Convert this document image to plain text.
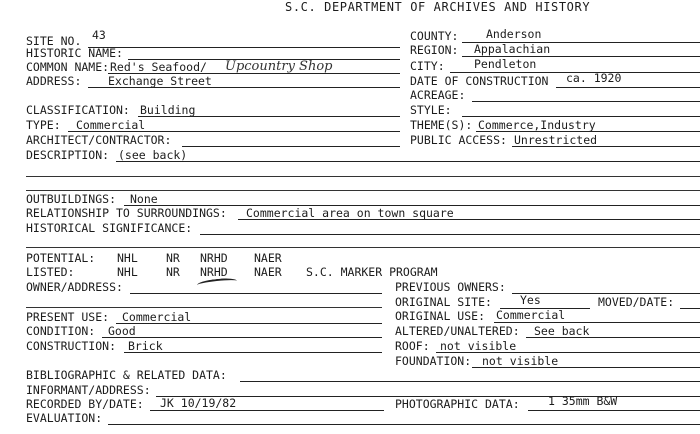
S.C. DEPARTMENT OF ARCHIVES AND HISTORY
SITE NO. 43
HISTORIC NAME:
COMMON NAME: Red's Seafood/ Upcountry Shop
ADDRESS: Exchange Street
CLASSIFICATION: Building
TYPE: Commercial
ARCHITECT/CONTRACTOR:
DESCRIPTION: (see back)
COUNTY: Anderson
REGION: Appalachian
CITY:	Pendleton
DATE OF CONSTRUCTION ca. 1920
ACREAGE:
STYLE:
THEME(S): Commerce,Industry
PUBLIC ACCESS: Unrestricted
OUTBUILDINGS: None
RELATIONSHIP TO SURROUNDINGS: Commercial area on town square
HISTORICAL SIGNIFICANCE:
POTENTIAL: NHL NR NRHD NAER
LISTED:	NHL NR NRHD NAER S.C. MARKER PROGRAM
OWNER/ADDRESS:	PREVIOUS OWNERS:
ORIGINAL SITE: Yes	MOVED/DATE:
PRESENT USE: Commercial
CONDITION: Good
CONSTRUCTION: Brick
ORIGINAL USE: Commercial
ALTERED/UNALTERED: See back
ROOF: not visible
FOUNDATION: not visible
BIBLIOGRAPHIC & RELATED DATA:
INFORMANT/ADDRESS:
RECORDED BY/DATE: JK 10/19/82	PHOTOGRAPHIC DATA: 1 35mm B&W
EVALUATION:
